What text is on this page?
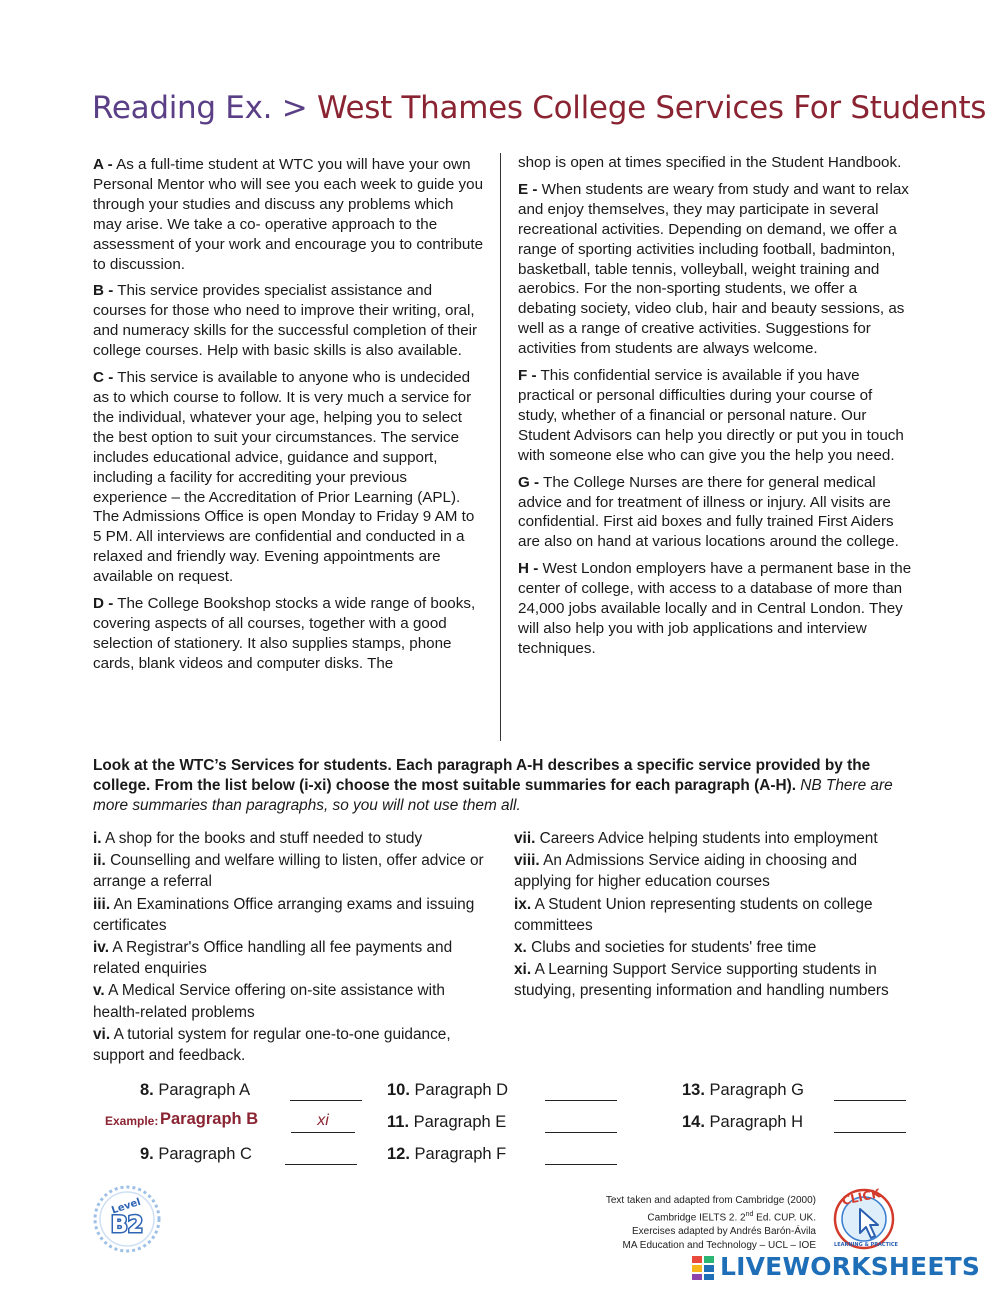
Reading Ex. > West Thames College Services For Students

A - As a full-time student at WTC you will have your own Personal Mentor who will see you each week to guide you through your studies and discuss any problems which may arise. We take a co- operative approach to the assessment of your work and encourage you to contribute to discussion.

B - This service provides specialist assistance and courses for those who need to improve their writing, oral, and numeracy skills for the successful completion of their college courses. Help with basic skills is also available.

C - This service is available to anyone who is undecided as to which course to follow. It is very much a service for the individual, whatever your age, helping you to select the best option to suit your circumstances. The service includes educational advice, guidance and support, including a facility for accrediting your previous experience – the Accreditation of Prior Learning (APL). The Admissions Office is open Monday to Friday 9 AM to 5 PM. All interviews are confidential and conducted in a relaxed and friendly way. Evening appointments are available on request.

D - The College Bookshop stocks a wide range of books, covering aspects of all courses, together with a good selection of stationery. It also supplies stamps, phone cards, blank videos and computer disks. The

shop is open at times specified in the Student Handbook.

E - When students are weary from study and want to relax and enjoy themselves, they may participate in several recreational activities. Depending on demand, we offer a range of sporting activities including football, badminton, basketball, table tennis, volleyball, weight training and aerobics. For the non-sporting students, we offer a debating society, video club, hair and beauty sessions, as well as a range of creative activities. Suggestions for activities from students are always welcome.

F - This confidential service is available if you have practical or personal difficulties during your course of study, whether of a financial or personal nature. Our Student Advisors can help you directly or put you in touch with someone else who can give you the help you need.

G - The College Nurses are there for general medical advice and for treatment of illness or injury. All visits are confidential. First aid boxes and fully trained First Aiders are also on hand at various locations around the college.

H - West London employers have a permanent base in the center of college, with access to a database of more than 24,000 jobs available locally and in Central London. They will also help you with job applications and interview techniques.

Look at the WTC’s Services for students. Each paragraph A-H describes a specific service provided by the college. From the list below (i-xi) choose the most suitable summaries for each paragraph (A-H). NB There are more summaries than paragraphs, so you will not use them all.
i. A shop for the books and stuff needed to study
ii. Counselling and welfare willing to listen, offer advice or arrange a referral
iii. An Examinations Office arranging exams and issuing certificates
iv. A Registrar's Office handling all fee payments and related enquiries
v. A Medical Service offering on-site assistance with health-related problems
vi. A tutorial system for regular one-to-one guidance, support and feedback.
vii. Careers Advice helping students into employment
viii. An Admissions Service aiding in choosing and applying for higher education courses
ix. A Student Union representing students on college committees
x. Clubs and societies for students' free time
xi. A Learning Support Service supporting students in studying, presenting information and handling numbers
8. Paragraph A
Example: Paragraph B	xi
9. Paragraph C
10. Paragraph D
11. Paragraph E
12. Paragraph F
13. Paragraph G
14. Paragraph H
Level
B2
Text taken and adapted from Cambridge (2000) Cambridge IELTS 2. 2nd Ed. CUP. UK.
Exercises adapted by Andrés Barón-Ávila
MA Education and Technology – UCL – IOE
CLICK
LEARNING & PRACTICE
LIVEWORKSHEETS
